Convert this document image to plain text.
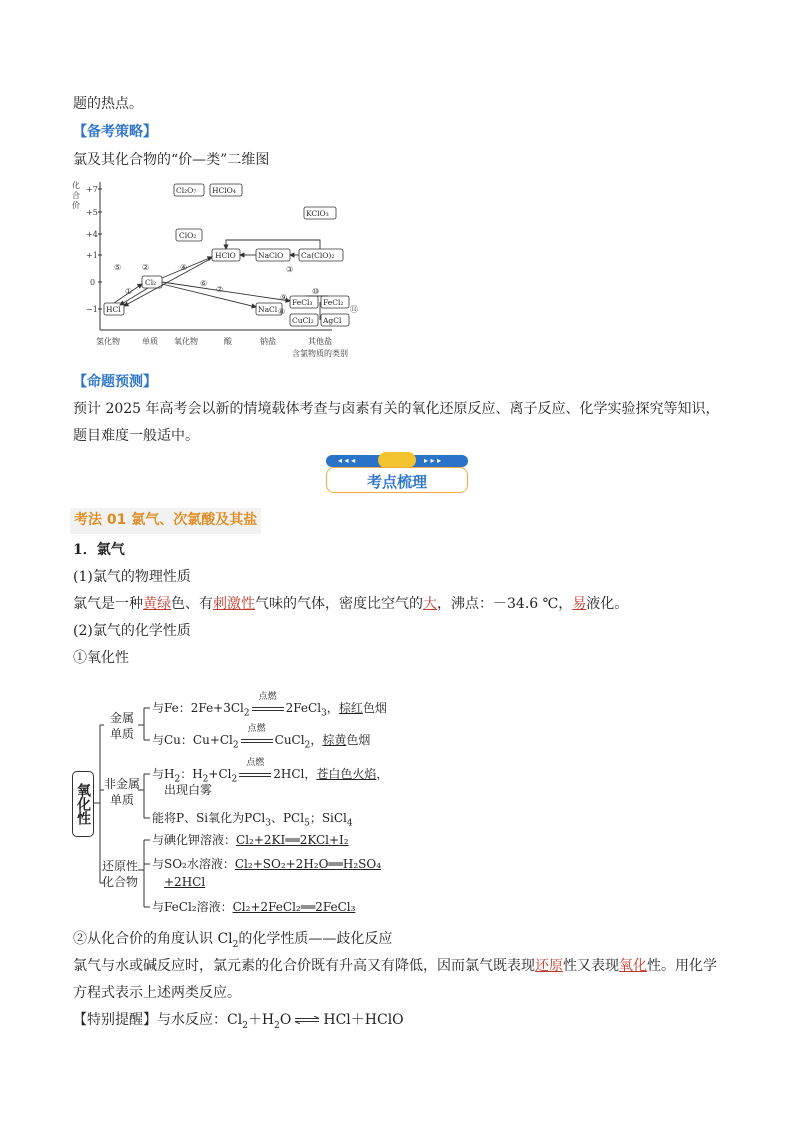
题的热点。
【备考策略】
氯及其化合物的“价—类”二维图
化
合
价
+7
+5
+4
+1
0
−1
氢化物	单质 氧化物	酸	钠盐	其他盐
含氯物质的类别
Cl₂O₇ HClO₄
KClO₃
ClO₂
HClO	NaClO Ca(ClO)₂
Cl₂
HCl	NaCl
FeCl₃ FeCl₂
CuCl₂ AgCl
⑤
①
②	④	③
⑦
⑥
⑨
⑧
⑩
⑪
【命题预测】
预计 2025 年高考会以新的情境载体考查与卤素有关的氧化还原反应、离子反应、化学实验探究等知识，
题目难度一般适中。
◂ ◂ ◂	▸ ▸ ▸
考点梳理
考法 01 氯气、次氯酸及其盐
1．氯气
(1)氯气的物理性质
氯气是一种黄绿色、有刺激性气味的气体，密度比空气的大，沸点：－34.6 ℃，易液化。
(2)氯气的化学性质
①氧化性
氧化性
金属
单质
非金属
单质
还原性
化合物
与Fe：$2Fe+3Cl_2$
点燃
2FeCl$_3$，棕红色烟
与Cu：$Cu+Cl_2$
点燃
CuCl$_2$，棕黄色烟
与$H_2$：$H_2+Cl_2$
点燃
2HCl，苍白色火焰，
出现白雾
能将P、Si氧化为PCl$_3$、PCl$_5$；SiCl$_4$
与碘化钾溶液：Cl₂+2KI══2KCl+I₂
与SO₂水溶液：Cl₂+SO₂+2H₂O══H₂SO₄
+2HCl
与FeCl₂溶液：Cl₂+2FeCl₂══2FeCl₃
②从化合价的角度认识 $Cl_2$的化学性质——歧化反应
氯气与水或碱反应时，氯元素的化合价既有升高又有降低，因而氯气既表现还原性又表现氧化性。用化学
方程式表示上述两类反应。
【特别提醒】与水反应：$Cl_2+H_2O$ ⇌ HCl＋HClO
